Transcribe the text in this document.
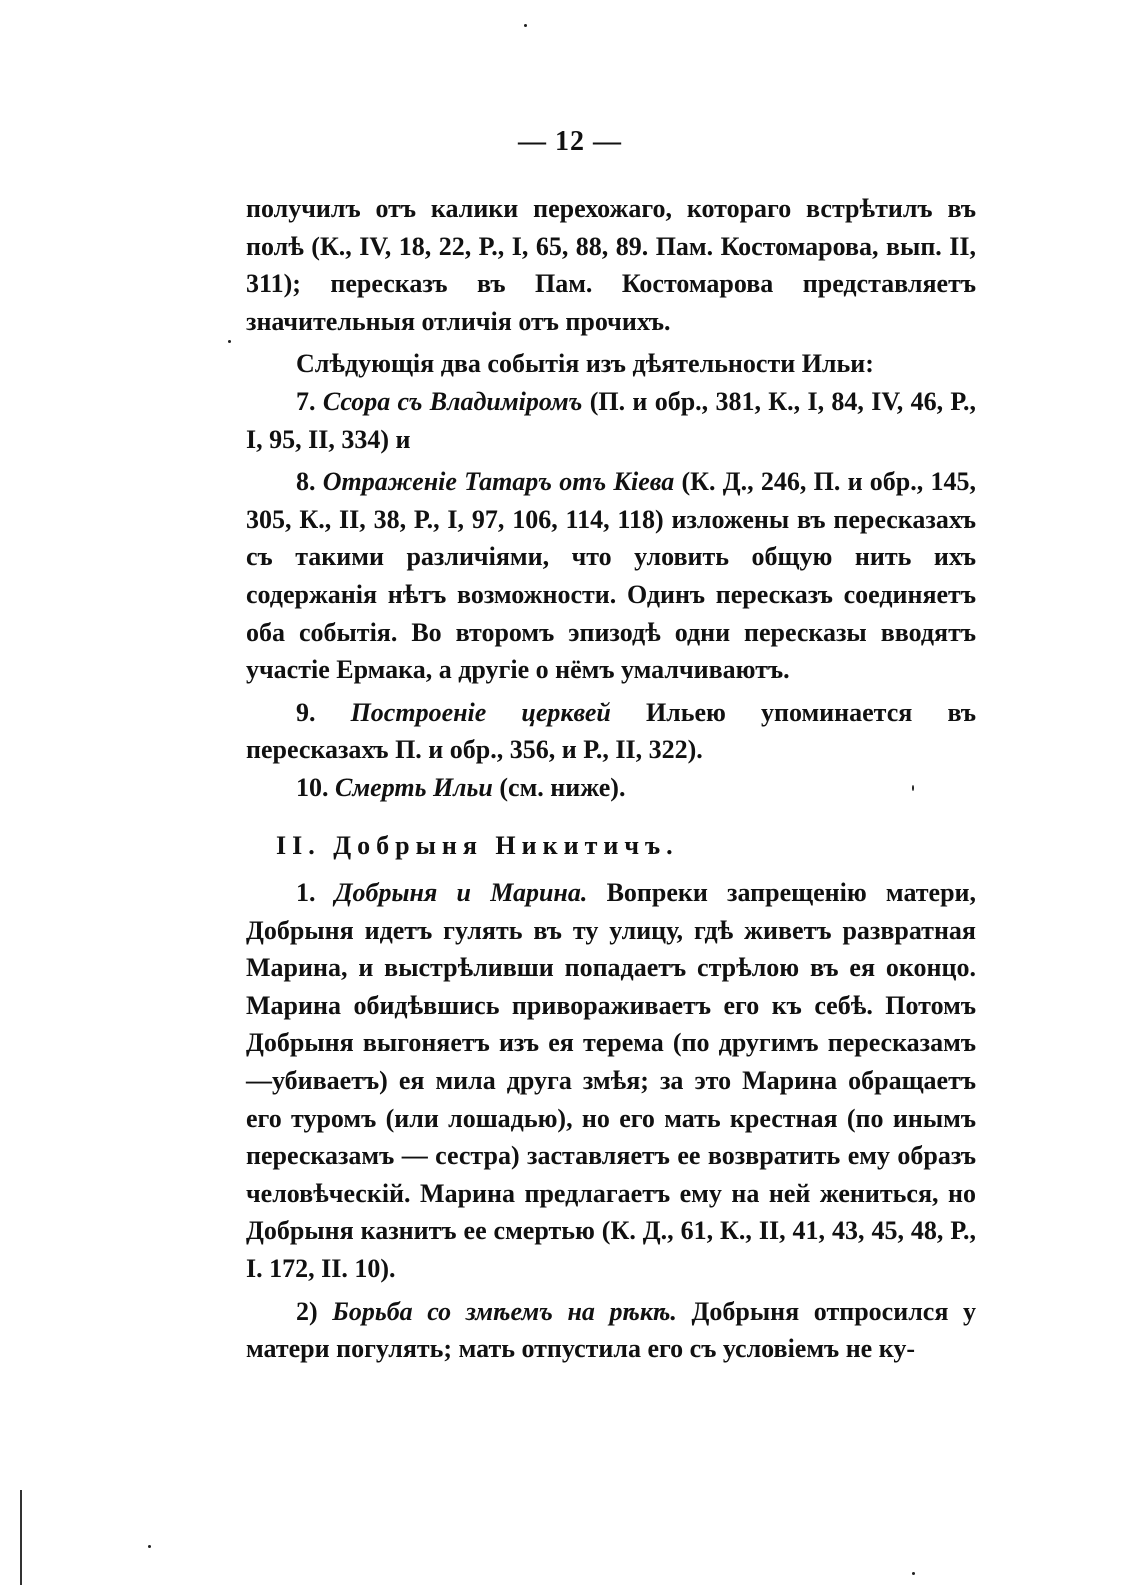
— 12 —

получилъ отъ калики перехожаго, котораго встрѣтилъ въ полѣ (К., IV, 18, 22, Р., I, 65, 88, 89. Пам. Костомарова, вып. II, 311); пересказъ въ Пам. Костомарова представляетъ значительныя отличія отъ прочихъ.

Слѣдующія два событія изъ дѣятельности Ильи:

7. Ссора съ Владиміромъ (П. и обр., 381, К., I, 84, IV, 46, Р., I, 95, II, 334) и

8. Отраженіе Татаръ отъ Кіева (К. Д., 246, П. и обр., 145, 305, К., II, 38, Р., I, 97, 106, 114, 118) изложены въ пересказахъ съ такими различіями, что уловить общую нить ихъ содержанія нѣтъ возможности. Одинъ пересказъ соединяетъ оба событія. Во второмъ эпизодѣ одни пересказы вводятъ участіе Ермака, а другіе о нёмъ умалчиваютъ.

9. Построеніе церквей Ильею упоминается въ пересказахъ П. и обр., 356, и Р., II, 322).

10. Смерть Ильи (см. ниже).

II. Добрыня Никитичъ.

1. Добрыня и Марина. Вопреки запрещенію матери, Добрыня идетъ гулять въ ту улицу, гдѣ живетъ развратная Марина, и выстрѣливши попадаетъ стрѣлою въ ея оконцо. Марина обидѣвшись привораживаетъ его къ себѣ. Потомъ Добрыня выгоняетъ изъ ея терема (по другимъ пересказамъ—убиваетъ) ея мила друга змѣя; за это Марина обращаетъ его туромъ (или лошадью), но его мать крестная (по инымъ пересказамъ — сестра) заставляетъ ее возвратить ему образъ человѣческій. Марина предлагаетъ ему на ней жениться, но Добрыня казнитъ ее смертью (К. Д., 61, К., II, 41, 43, 45, 48, Р., I. 172, II. 10).

2) Борьба со змѣемъ на рѣкѣ. Добрыня отпросился у матери погулять; мать отпустила его съ условіемъ не ку-
